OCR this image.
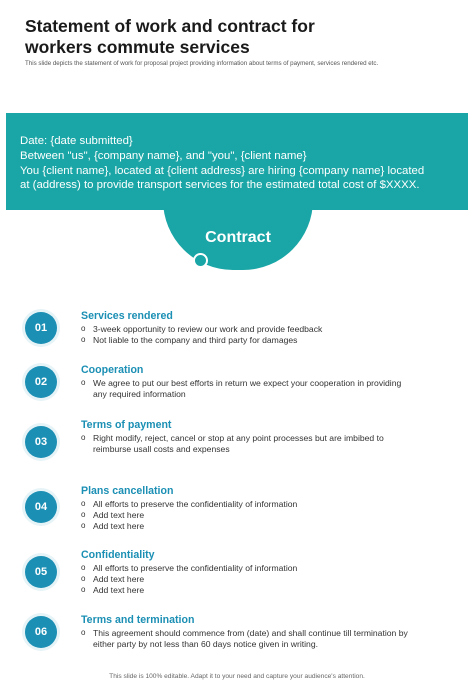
Statement of work and contract for
workers commute services
This slide depicts the statement of work for proposal project providing information about terms of payment, services rendered etc.
Date: {date submitted}
Between "us", {company name}, and "you", {client name}
You {client name}, located at {client address} are hiring {company name} located
at (address) to provide transport services for the estimated total cost of $XXXX.
Contract
01
Services rendered
o 3-week opportunity to review our work and provide feedback
o Not liable to the company and third party for damages
02
Cooperation
o We agree to put our best efforts in return we expect your cooperation in providing any required information
03
Terms of payment
o Right modify, reject, cancel or stop at any point processes but are imbibed to reimburse usall costs and expenses
04
Plans cancellation
o All efforts to preserve the confidentiality of information
o Add text here
o Add text here
05
Confidentiality
o All efforts to preserve the confidentiality of information
o Add text here
o Add text here
06
Terms and termination
o This agreement should commence from (date) and shall continue till termination by either party by not less than 60 days notice given in writing.
This slide is 100% editable. Adapt it to your need and capture your audience's attention.
